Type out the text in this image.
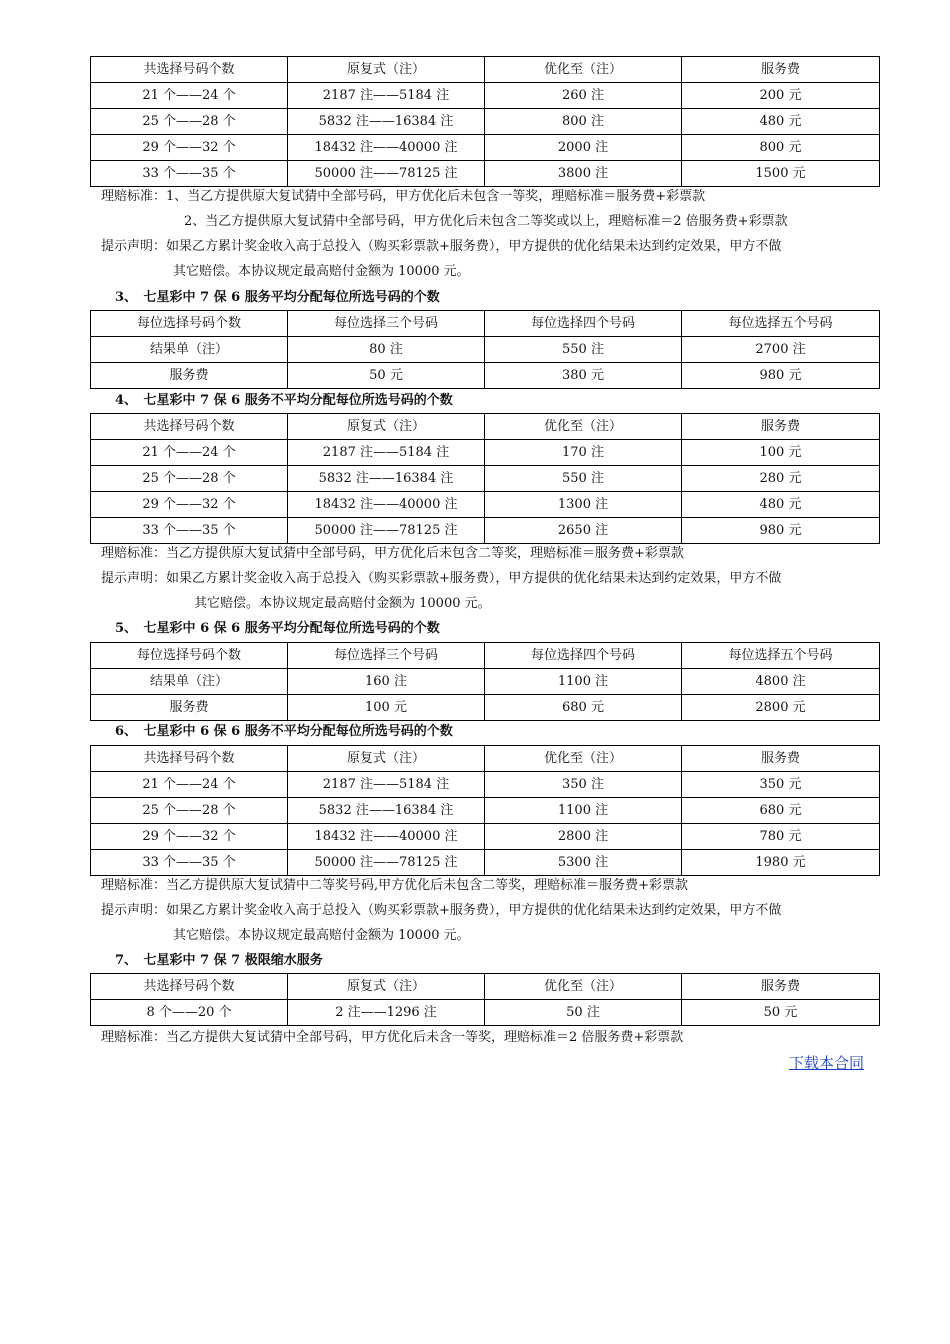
共选择号码个数	原复式（注）	优化至（注）	服务费
21 个——24 个	2187 注——5184 注	260 注	200 元
25 个——28 个	5832 注——16384 注	800 注	480 元
29 个——32 个	18432 注——40000 注	2000 注	800 元
33 个——35 个	50000 注——78125 注	3800 注	1500 元
理赔标准：1、当乙方提供原大复试猜中全部号码，甲方优化后未包含一等奖，理赔标准＝服务费+彩票款
2、当乙方提供原大复试猜中全部号码，甲方优化后未包含二等奖或以上，理赔标准＝2 倍服务费+彩票款
提示声明：如果乙方累计奖金收入高于总投入（购买彩票款+服务费），甲方提供的优化结果未达到约定效果，甲方不做
其它赔偿。本协议规定最高赔付金额为 10000 元。
3、　七星彩中 7 保 6 服务平均分配每位所选号码的个数
每位选择号码个数	每位选择三个号码	每位选择四个号码	每位选择五个号码
结果单（注）	80 注	550 注	2700 注
服务费	50 元	380 元	980 元
4、　七星彩中 7 保 6 服务不平均分配每位所选号码的个数
共选择号码个数	原复式（注）	优化至（注）	服务费
21 个——24 个	2187 注——5184 注	170 注	100 元
25 个——28 个	5832 注——16384 注	550 注	280 元
29 个——32 个	18432 注——40000 注	1300 注	480 元
33 个——35 个	50000 注——78125 注	2650 注	980 元
理赔标准：当乙方提供原大复试猜中全部号码，甲方优化后未包含二等奖，理赔标准＝服务费+彩票款
提示声明：如果乙方累计奖金收入高于总投入（购买彩票款+服务费），甲方提供的优化结果未达到约定效果，甲方不做
其它赔偿。本协议规定最高赔付金额为 10000 元。
5、　七星彩中 6 保 6 服务平均分配每位所选号码的个数
每位选择号码个数	每位选择三个号码	每位选择四个号码	每位选择五个号码
结果单（注）	160 注	1100 注	4800 注
服务费	100 元	680 元	2800 元
6、　七星彩中 6 保 6 服务不平均分配每位所选号码的个数
共选择号码个数	原复式（注）	优化至（注）	服务费
21 个——24 个	2187 注——5184 注	350 注	350 元
25 个——28 个	5832 注——16384 注	1100 注	680 元
29 个——32 个	18432 注——40000 注	2800 注	780 元
33 个——35 个	50000 注——78125 注	5300 注	1980 元
理赔标准：当乙方提供原大复试猜中二等奖号码,甲方优化后未包含二等奖，理赔标准＝服务费+彩票款
提示声明：如果乙方累计奖金收入高于总投入（购买彩票款+服务费），甲方提供的优化结果未达到约定效果，甲方不做
其它赔偿。本协议规定最高赔付金额为 10000 元。
7、　七星彩中 7 保 7 极限缩水服务
共选择号码个数	原复式（注）	优化至（注）	服务费
8 个——20 个	2 注——1296 注	50 注	50 元
理赔标准：当乙方提供大复试猜中全部号码，甲方优化后未含一等奖，理赔标准＝2 倍服务费+彩票款
下载本合同
